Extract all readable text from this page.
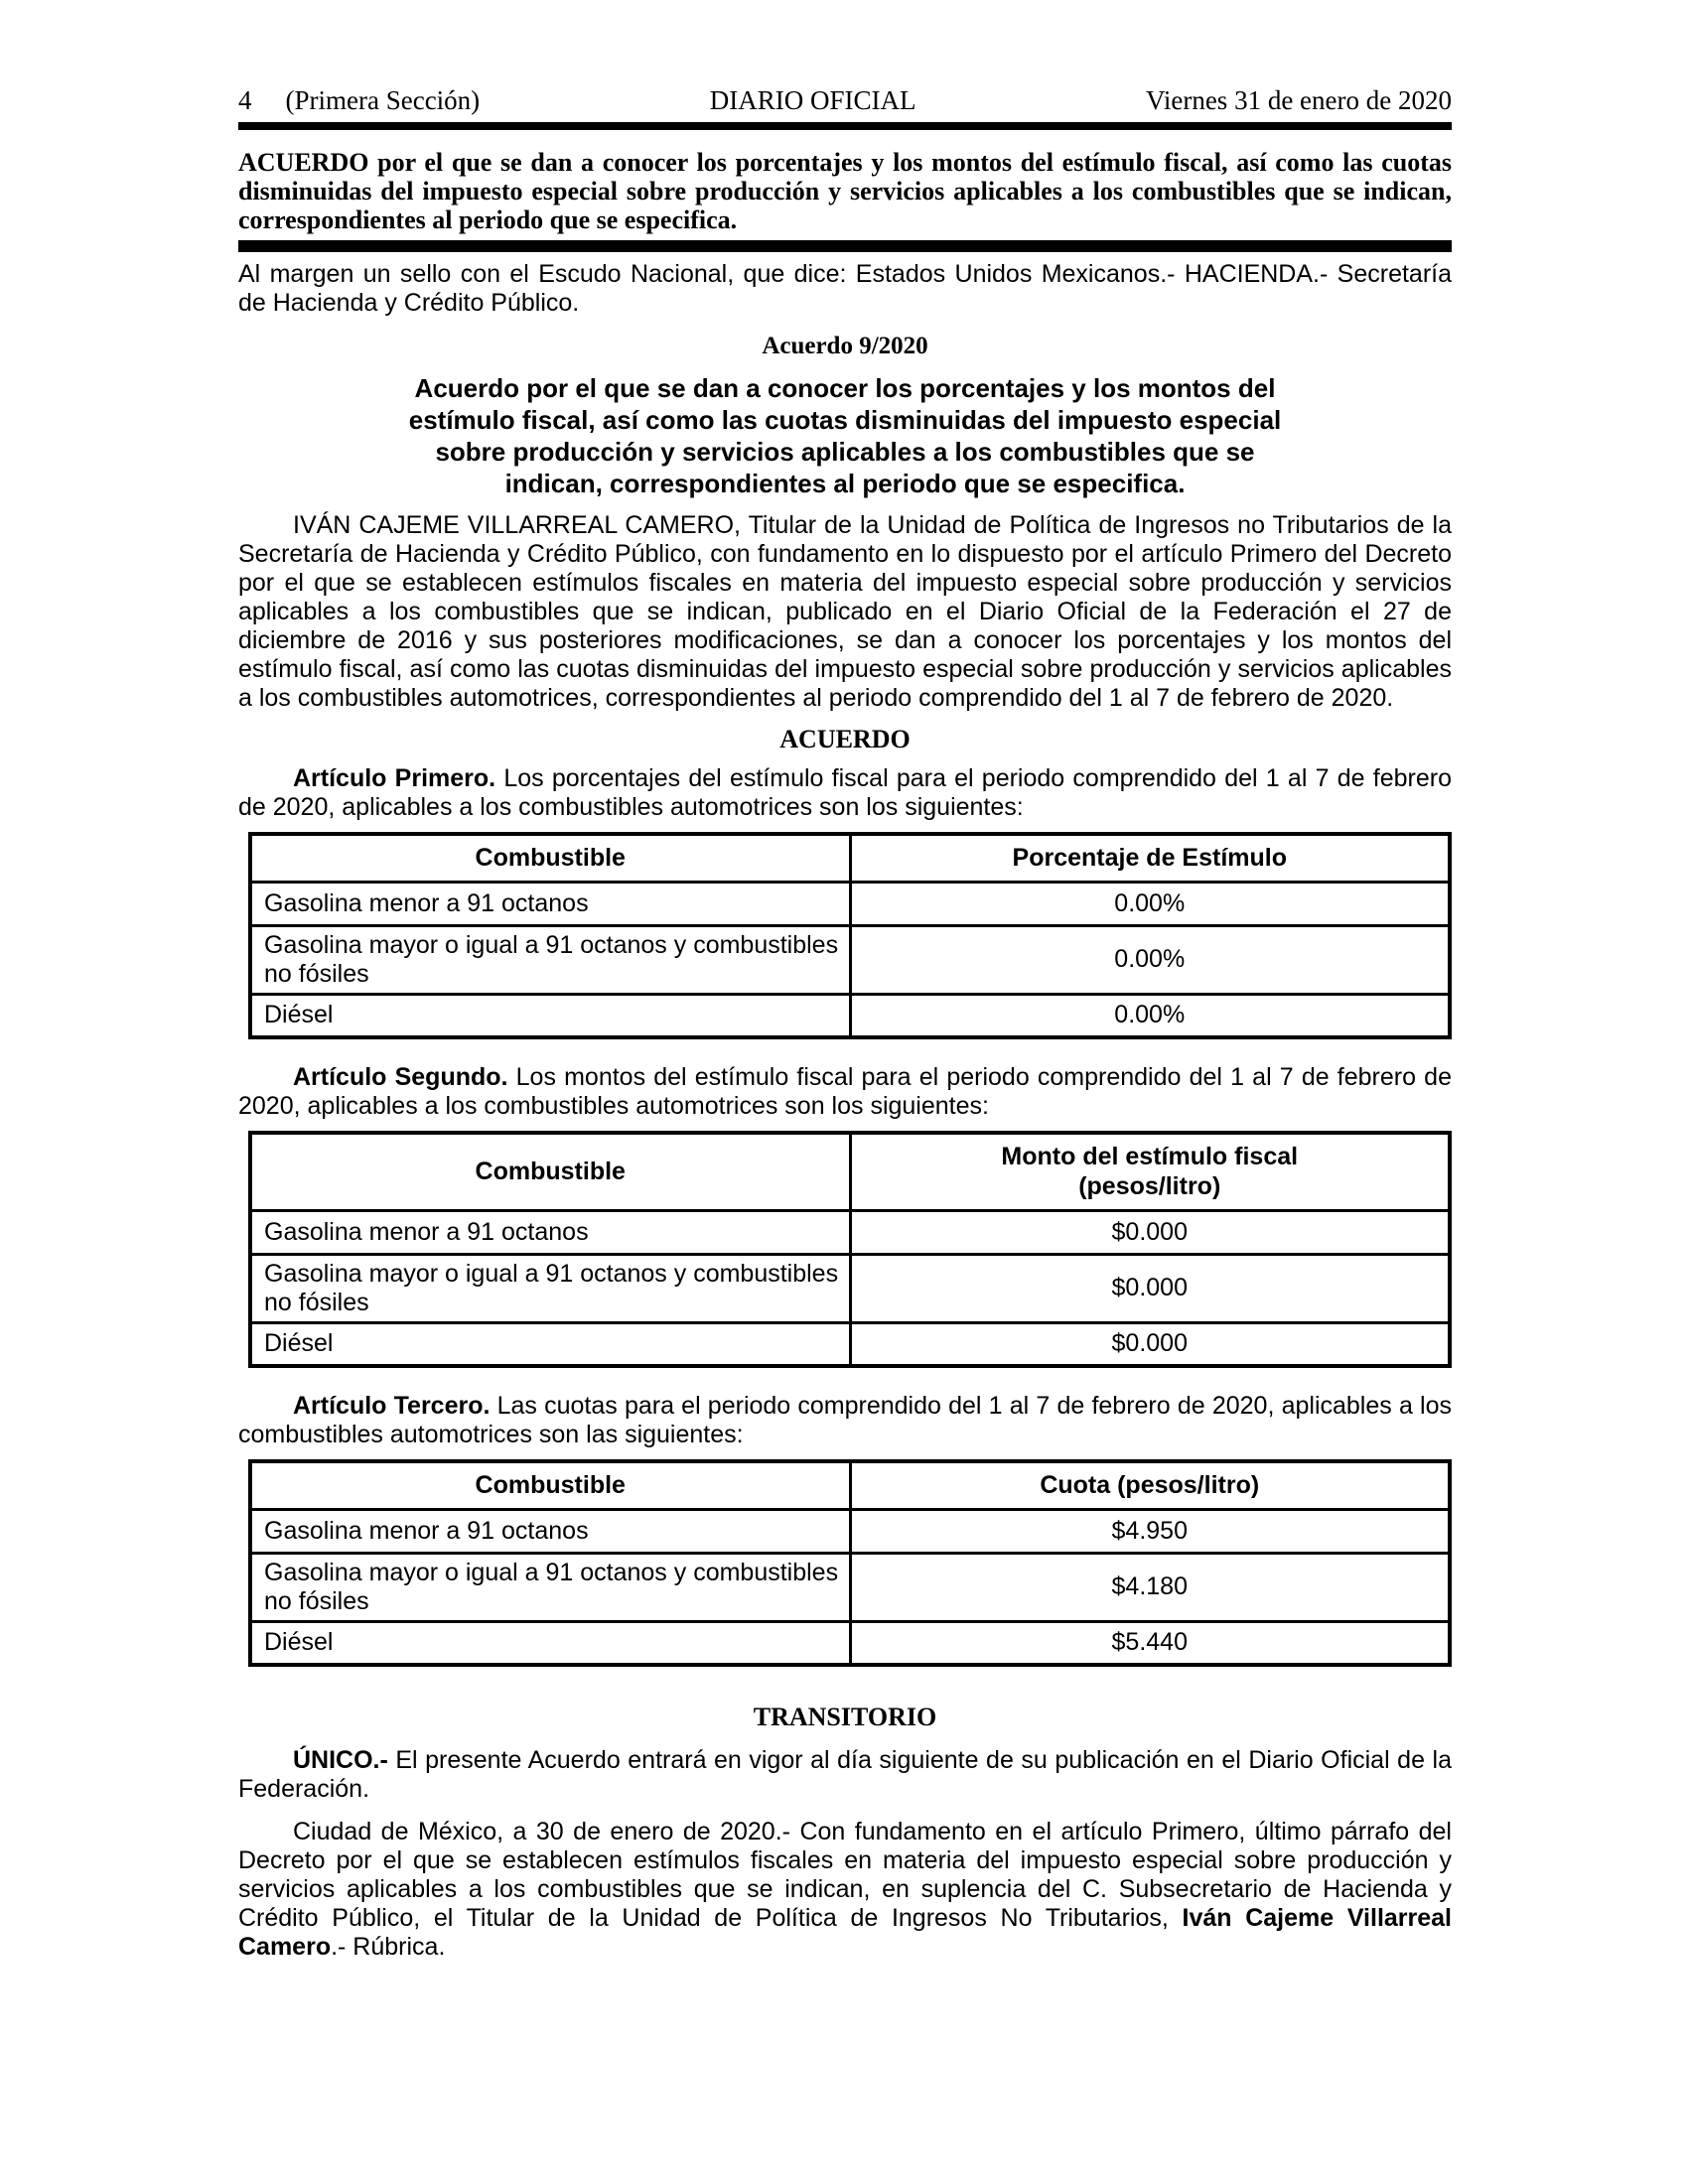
4 (Primera Sección)	DIARIO OFICIAL	Viernes 31 de enero de 2020

ACUERDO por el que se dan a conocer los porcentajes y los montos del estímulo fiscal, así como las cuotas disminuidas del impuesto especial sobre producción y servicios aplicables a los combustibles que se indican, correspondientes al periodo que se especifica.

Al margen un sello con el Escudo Nacional, que dice: Estados Unidos Mexicanos.- HACIENDA.- Secretaría de Hacienda y Crédito Público.

Acuerdo 9/2020
Acuerdo por el que se dan a conocer los porcentajes y los montos del
estímulo fiscal, así como las cuotas disminuidas del impuesto especial
sobre producción y servicios aplicables a los combustibles que se
indican, correspondientes al periodo que se especifica.

IVÁN CAJEME VILLARREAL CAMERO, Titular de la Unidad de Política de Ingresos no Tributarios de la Secretaría de Hacienda y Crédito Público, con fundamento en lo dispuesto por el artículo Primero del Decreto por el que se establecen estímulos fiscales en materia del impuesto especial sobre producción y servicios aplicables a los combustibles que se indican, publicado en el Diario Oficial de la Federación el 27 de diciembre de 2016 y sus posteriores modificaciones, se dan a conocer los porcentajes y los montos del estímulo fiscal, así como las cuotas disminuidas del impuesto especial sobre producción y servicios aplicables a los combustibles automotrices, correspondientes al periodo comprendido del 1 al 7 de febrero de 2020.

ACUERDO

Artículo Primero. Los porcentajes del estímulo fiscal para el periodo comprendido del 1 al 7 de febrero de 2020, aplicables a los combustibles automotrices son los siguientes:

Combustible	Porcentaje de Estímulo
Gasolina menor a 91 octanos	0.00%
Gasolina mayor o igual a 91 octanos y combustibles no fósiles	0.00%
Diésel	0.00%

Artículo Segundo. Los montos del estímulo fiscal para el periodo comprendido del 1 al 7 de febrero de 2020, aplicables a los combustibles automotrices son los siguientes:

Combustible	Monto del estímulo fiscal
(pesos/litro)

Gasolina menor a 91 octanos	$0.000
Gasolina mayor o igual a 91 octanos y combustibles no fósiles	$0.000
Diésel	$0.000

Artículo Tercero. Las cuotas para el periodo comprendido del 1 al 7 de febrero de 2020, aplicables a los combustibles automotrices son las siguientes:

Combustible	Cuota (pesos/litro)
Gasolina menor a 91 octanos	$4.950
Gasolina mayor o igual a 91 octanos y combustibles no fósiles	$4.180
Diésel	$5.440
TRANSITORIO

ÚNICO.- El presente Acuerdo entrará en vigor al día siguiente de su publicación en el Diario Oficial de la Federación.

Ciudad de México, a 30 de enero de 2020.- Con fundamento en el artículo Primero, último párrafo del Decreto por el que se establecen estímulos fiscales en materia del impuesto especial sobre producción y servicios aplicables a los combustibles que se indican, en suplencia del C. Subsecretario de Hacienda y Crédito Público, el Titular de la Unidad de Política de Ingresos No Tributarios, Iván Cajeme Villarreal Camero.- Rúbrica.
